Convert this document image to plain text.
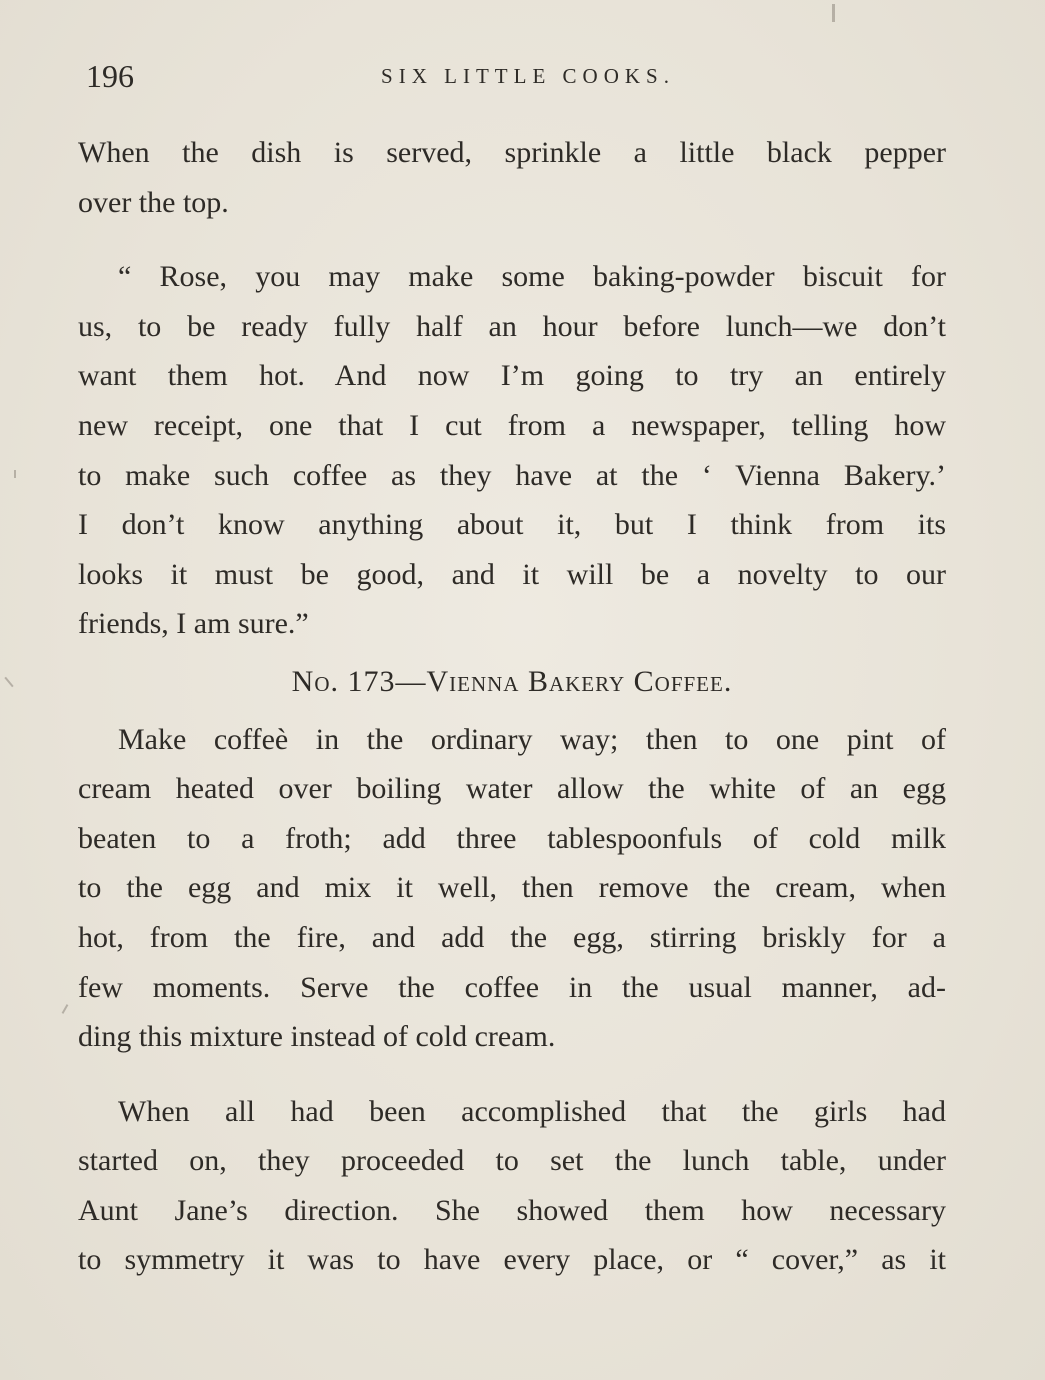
196	SIX LITTLE COOKS.
When the dish is served, sprinkle a little black pepper
over the top.
“ Rose, you may make some baking-powder biscuit for
us, to be ready fully half an hour before lunch—we don’t
want them hot. And now I’m going to try an entirely
new receipt, one that I cut from a newspaper, telling how
to make such coffee as they have at the ‘ Vienna Bakery.’
I don’t know anything about it, but I think from its
looks it must be good, and it will be a novelty to our
friends, I am sure.”
No. 173—Vienna Bakery Coffee.
Make coffeè in the ordinary way; then to one pint of
cream heated over boiling water allow the white of an egg
beaten to a froth; add three tablespoonfuls of cold milk
to the egg and mix it well, then remove the cream, when
hot, from the fire, and add the egg, stirring briskly for a
few moments. Serve the coffee in the usual manner, ad-
ding this mixture instead of cold cream.
When all had been accomplished that the girls had
started on, they proceeded to set the lunch table, under
Aunt Jane’s direction. She showed them how necessary
to symmetry it was to have every place, or “ cover,” as it
